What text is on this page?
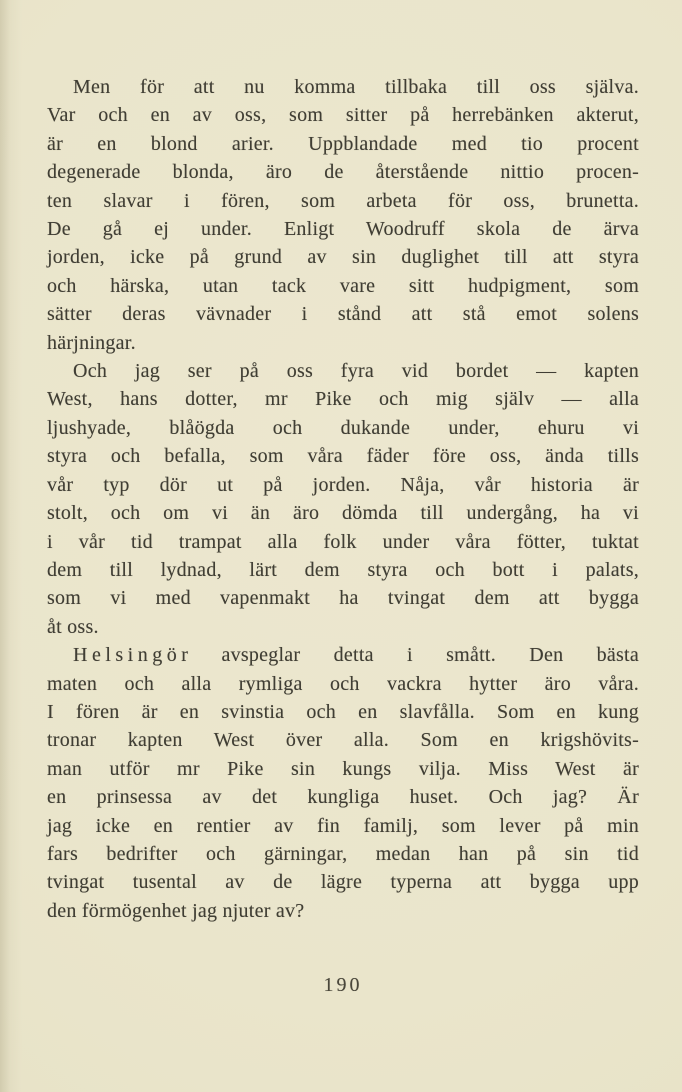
Men för att nu komma tillbaka till oss själva.
Var och en av oss, som sitter på herrebänken akterut,
är en blond arier. Uppblandade med tio procent
degenerade blonda, äro de återstående nittio procen-
ten slavar i fören, som arbeta för oss, brunetta.
De gå ej under. Enligt Woodruff skola de ärva
jorden, icke på grund av sin duglighet till att styra
och härska, utan tack vare sitt hudpigment, som
sätter deras vävnader i stånd att stå emot solens
härjningar.
Och jag ser på oss fyra vid bordet — kapten
West, hans dotter, mr Pike och mig själv — alla
ljushyade, blåögda och dukande under, ehuru vi
styra och befalla, som våra fäder före oss, ända tills
vår typ dör ut på jorden. Nåja, vår historia är
stolt, och om vi än äro dömda till undergång, ha vi
i vår tid trampat alla folk under våra fötter, tuktat
dem till lydnad, lärt dem styra och bott i palats,
som vi med vapenmakt ha tvingat dem att bygga
åt oss.
H e l s i n g ö r avspeglar detta i smått. Den bästa
maten och alla rymliga och vackra hytter äro våra.
I fören är en svinstia och en slavfålla. Som en kung
tronar kapten West över alla. Som en krigshövits-
man utför mr Pike sin kungs vilja. Miss West är
en prinsessa av det kungliga huset. Och jag? Är
jag icke en rentier av fin familj, som lever på min
fars bedrifter och gärningar, medan han på sin tid
tvingat tusental av de lägre typerna att bygga upp
den förmögenhet jag njuter av?
190
